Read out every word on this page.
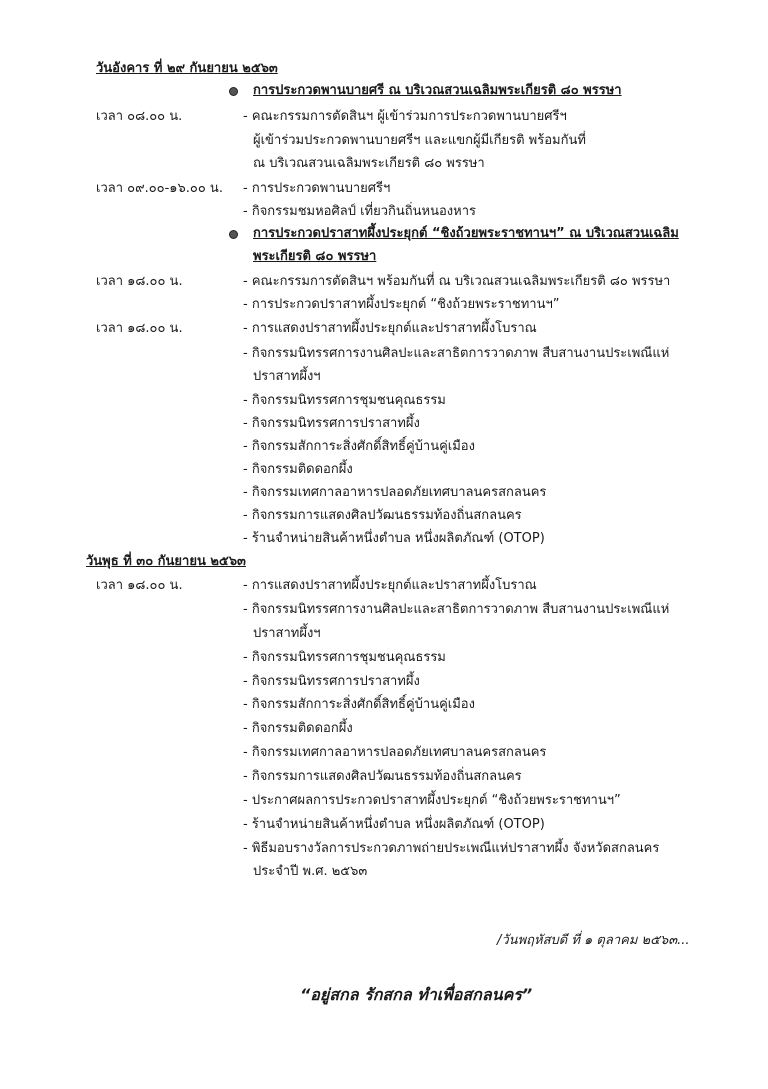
วันอังคาร ที่ ๒๙ กันยายน ๒๕๖๓
การประกวดพานบายศรี ณ บริเวณสวนเฉลิมพระเกียรติ ๘๐ พรรษา
เวลา ๐๘.๐๐ น.	- คณะกรรมการตัดสินฯ ผู้เข้าร่วมการประกวดพานบายศรีฯ
ผู้เข้าร่วมประกวดพานบายศรีฯ และแขกผู้มีเกียรติ พร้อมกันที่
ณ บริเวณสวนเฉลิมพระเกียรติ ๘๐ พรรษา
เวลา ๐๙.๐๐-๑๖.๐๐ น. - การประกวดพานบายศรีฯ
- กิจกรรมชมหอศิลป์ เที่ยวกินถิ่นหนองหาร
การประกวดปราสาทผึ้งประยุกต์ “ชิงถ้วยพระราชทานฯ” ณ บริเวณสวนเฉลิม
พระเกียรติ ๘๐ พรรษา
เวลา ๑๘.๐๐ น.	- คณะกรรมการตัดสินฯ พร้อมกันที่ ณ บริเวณสวนเฉลิมพระเกียรติ ๘๐ พรรษา
- การประกวดปราสาทผึ้งประยุกต์ “ชิงถ้วยพระราชทานฯ”
เวลา ๑๘.๐๐ น.	- การแสดงปราสาทผึ้งประยุกต์และปราสาทผึ้งโบราณ
- กิจกรรมนิทรรศการงานศิลปะและสาธิตการวาดภาพ สืบสานงานประเพณีแห่
ปราสาทผึ้งฯ
- กิจกรรมนิทรรศการชุมชนคุณธรรม
- กิจกรรมนิทรรศการปราสาทผึ้ง
- กิจกรรมสักการะสิ่งศักดิ์สิทธิ์คู่บ้านคู่เมือง
- กิจกรรมติดดอกผึ้ง
- กิจกรรมเทศกาลอาหารปลอดภัยเทศบาลนครสกลนคร
- กิจกรรมการแสดงศิลปวัฒนธรรมท้องถิ่นสกลนคร
- ร้านจำหน่ายสินค้าหนึ่งตำบล หนึ่งผลิตภัณฑ์ (OTOP)
วันพุธ ที่ ๓๐ กันยายน ๒๕๖๓
เวลา ๑๘.๐๐ น.	- การแสดงปราสาทผึ้งประยุกต์และปราสาทผึ้งโบราณ
- กิจกรรมนิทรรศการงานศิลปะและสาธิตการวาดภาพ สืบสานงานประเพณีแห่
ปราสาทผึ้งฯ
- กิจกรรมนิทรรศการชุมชนคุณธรรม
- กิจกรรมนิทรรศการปราสาทผึ้ง
- กิจกรรมสักการะสิ่งศักดิ์สิทธิ์คู่บ้านคู่เมือง
- กิจกรรมติดดอกผึ้ง
- กิจกรรมเทศกาลอาหารปลอดภัยเทศบาลนครสกลนคร
- กิจกรรมการแสดงศิลปวัฒนธรรมท้องถิ่นสกลนคร
- ประกาศผลการประกวดปราสาทผึ้งประยุกต์ “ชิงถ้วยพระราชทานฯ”
- ร้านจำหน่ายสินค้าหนึ่งตำบล หนึ่งผลิตภัณฑ์ (OTOP)
- พิธีมอบรางวัลการประกวดภาพถ่ายประเพณีแห่ปราสาทผึ้ง จังหวัดสกลนคร
ประจำปี พ.ศ. ๒๕๖๓
/วันพฤหัสบดี ที่ ๑ ตุลาคม ๒๕๖๓...
“อยู่สกล รักสกล ทำเพื่อสกลนคร”
